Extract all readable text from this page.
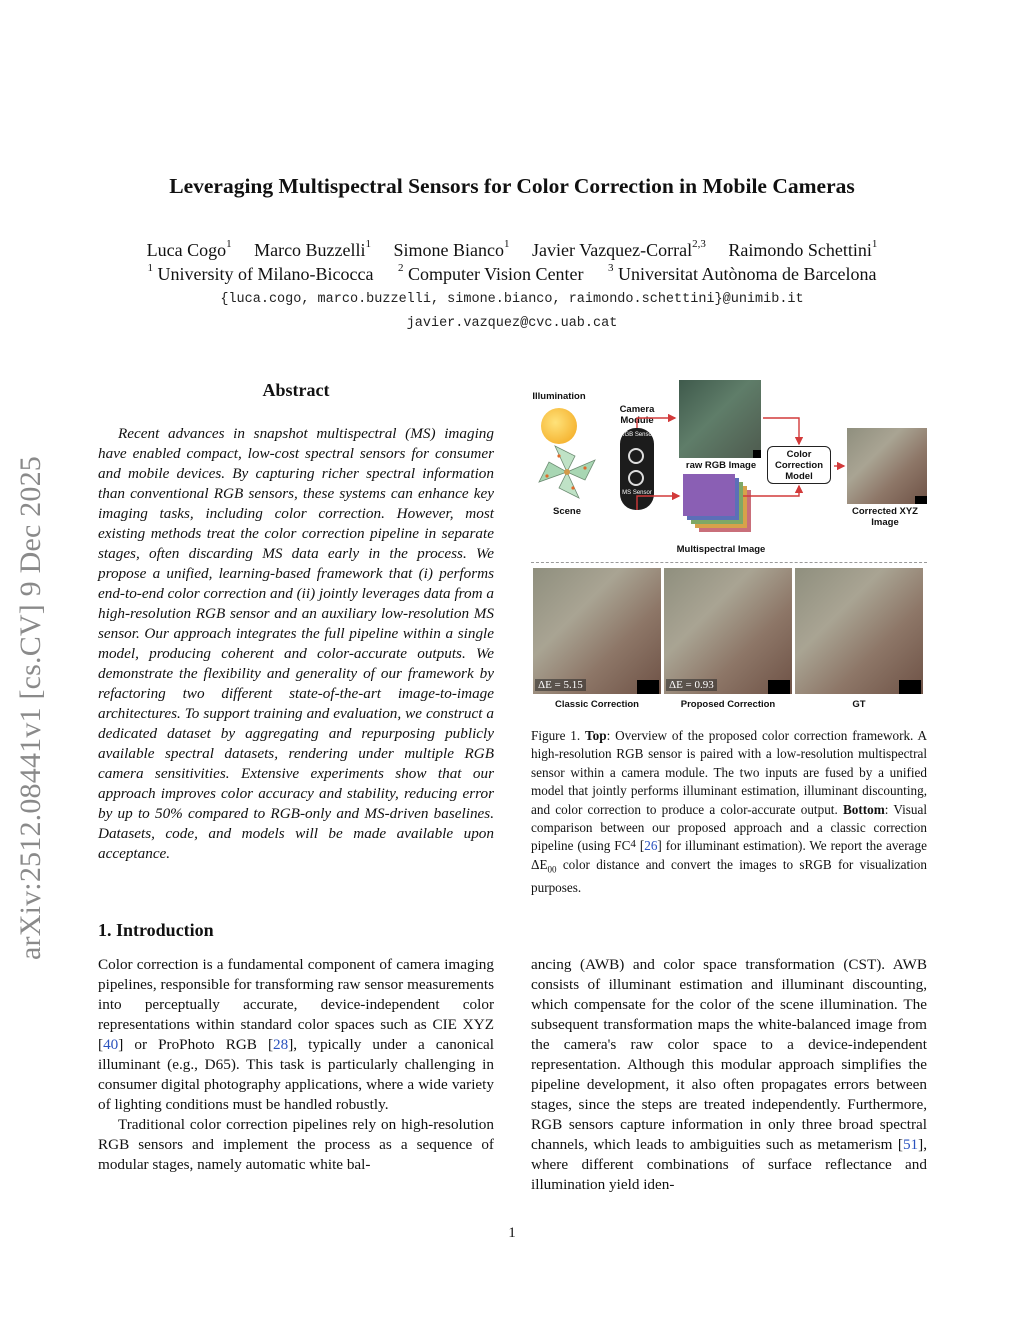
Leveraging Multispectral Sensors for Color Correction in Mobile Cameras
Luca Cogo$^1$ Marco Buzzelli$^1$ Simone Bianco$^1$ Javier Vazquez-Corral$^{2,3}$ Raimondo Schettini$^1$
$^1$ University of Milano-Bicocca $^2$ Computer Vision Center $^3$ Universitat Autònoma de Barcelona
{luca.cogo, marco.buzzelli, simone.bianco, raimondo.schettini}@unimib.it
javier.vazquez@cvc.uab.cat
arXiv:2512.08441v1 [cs.CV] 9 Dec 2025
Abstract
Recent advances in snapshot multispectral (MS) imaging have enabled compact, low-cost spectral sensors for consumer and mobile devices. By capturing richer spectral information than conventional RGB sensors, these systems can enhance key imaging tasks, including color correction. However, most existing methods treat the color correction pipeline in separate stages, often discarding MS data early in the process. We propose a unified, learning-based framework that (i) performs end-to-end color correction and (ii) jointly leverages data from a high-resolution RGB sensor and an auxiliary low-resolution MS sensor. Our approach integrates the full pipeline within a single model, producing coherent and color-accurate outputs. We demonstrate the flexibility and generality of our framework by refactoring two different state-of-the-art image-to-image architectures. To support training and evaluation, we construct a dedicated dataset by aggregating and repurposing publicly available spectral datasets, rendering under multiple RGB camera sensitivities. Extensive experiments show that our approach improves color accuracy and stability, reducing error by up to 50% compared to RGB-only and MS-driven baselines. Datasets, code, and models will be made available upon acceptance.
1. Introduction

Color correction is a fundamental component of camera imaging pipelines, responsible for transforming raw sensor measurements into perceptually accurate, device-independent color representations within standard color spaces such as CIE XYZ [40] or ProPhoto RGB [28], typically under a canonical illuminant (e.g., D65). This task is particularly challenging in consumer digital photography applications, where a wide variety of lighting conditions must be handled robustly.

Traditional color correction pipelines rely on high-resolution RGB sensors and implement the process as a sequence of modular stages, namely automatic white bal-

ancing (AWB) and color space transformation (CST). AWB consists of illuminant estimation and illuminant discounting, which compensate for the color of the scene illumination. The subsequent transformation maps the white-balanced image from the camera's raw color space to a device-independent representation. Although this modular approach simplifies the pipeline development, it also often propagates errors between stages, since the steps are treated independently. Furthermore, RGB sensors capture information in only three broad spectral channels, which leads to ambiguities such as metamerism [51], where different combinations of surface reflectance and illumination yield iden-

Illumination
Scene
Camera Module
RGB Sensor
MS Sensor
raw RGB Image
Multispectral Image
Color Correction Model
Corrected XYZ Image
ΔE = 5.15	ΔE = 0.93
Classic Correction	Proposed Correction	GT
Figure 1. Top: Overview of the proposed color correction framework. A high-resolution RGB sensor is paired with a low-resolution multispectral sensor within a camera module. The two inputs are fused by a unified model that jointly performs illuminant estimation, illuminant discounting, and color correction to produce a color-accurate output. Bottom: Visual comparison between our proposed approach and a classic correction pipeline (using $FC^4$ [26] for illuminant estimation). We report the average $\Delta E_{00}$ color distance and convert the images to sRGB for visualization purposes.
1
